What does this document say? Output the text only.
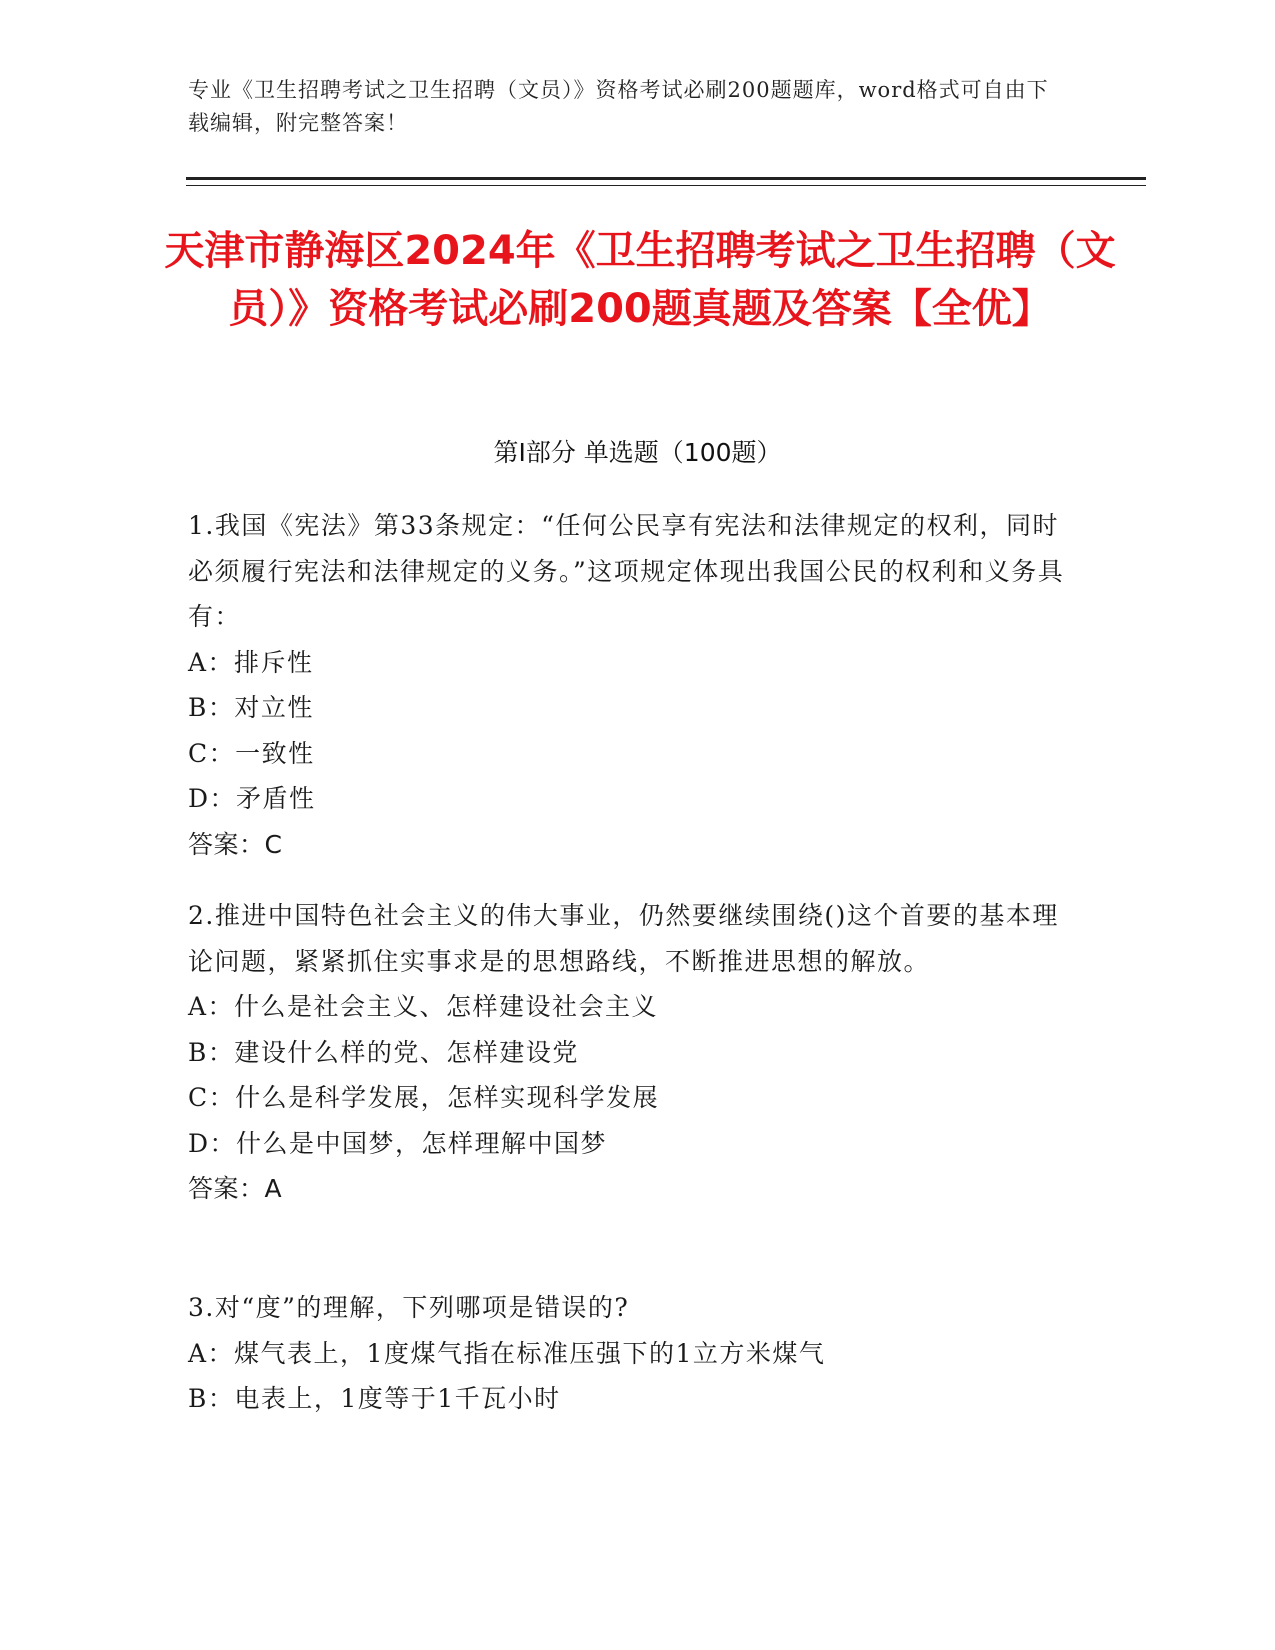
专业《卫生招聘考试之卫生招聘（文员）》资格考试必刷200题题库，word格式可自由下载编辑，附完整答案！
天津市静海区2024年《卫生招聘考试之卫生招聘（文员）》资格考试必刷200题真题及答案【全优】
第Ⅰ部分 单选题（100题）
1.我国《宪法》第33条规定：“任何公民享有宪法和法律规定的权利，同时必须履行宪法和法律规定的义务。”这项规定体现出我国公民的权利和义务具有：
A：排斥性
B：对立性
C：一致性
D：矛盾性
答案：C
2.推进中国特色社会主义的伟大事业，仍然要继续围绕()这个首要的基本理论问题，紧紧抓住实事求是的思想路线，不断推进思想的解放。
A：什么是社会主义、怎样建设社会主义
B：建设什么样的党、怎样建设党
C：什么是科学发展，怎样实现科学发展
D：什么是中国梦，怎样理解中国梦
答案：A
3.对“度”的理解，下列哪项是错误的?
A：煤气表上，1度煤气指在标准压强下的1立方米煤气
B：电表上，1度等于1千瓦小时
